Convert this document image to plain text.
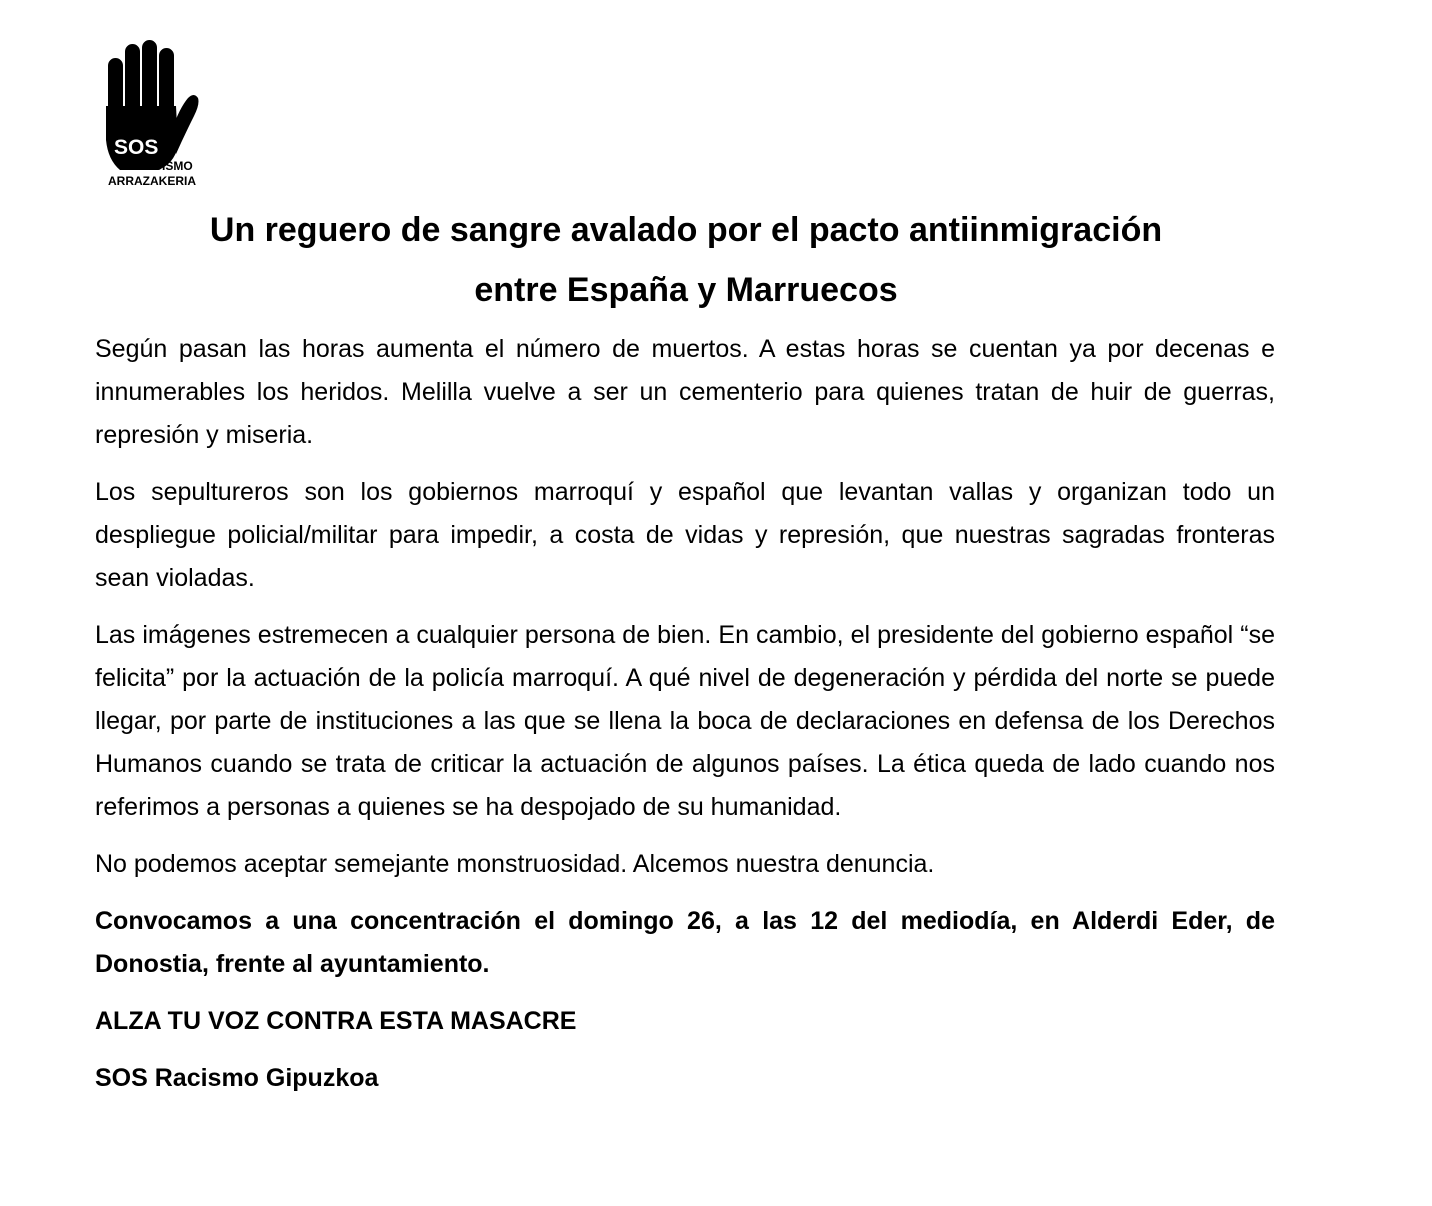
SOS
RACISMO
ARRAZAKERIA
Un reguero de sangre avalado por el pacto antiinmigración
entre España y Marruecos

Según pasan las horas aumenta el número de muertos. A estas horas se cuentan ya por decenas e innumerables los heridos. Melilla vuelve a ser un cementerio para quienes tratan de huir de guerras, represión y miseria.

Los sepultureros son los gobiernos marroquí y español que levantan vallas y organizan todo un despliegue policial/militar para impedir, a costa de vidas y represión, que nuestras sagradas fronteras sean violadas.

Las imágenes estremecen a cualquier persona de bien. En cambio, el presidente del gobierno español “se felicita” por la actuación de la policía marroquí. A qué nivel de degeneración y pérdida del norte se puede llegar, por parte de instituciones a las que se llena la boca de declaraciones en defensa de los Derechos Humanos cuando se trata de criticar la actuación de algunos países. La ética queda de lado cuando nos referimos a personas a quienes se ha despojado de su humanidad.

No podemos aceptar semejante monstruosidad. Alcemos nuestra denuncia.

Convocamos a una concentración el domingo 26, a las 12 del mediodía, en Alderdi Eder, de Donostia, frente al ayuntamiento.

ALZA TU VOZ CONTRA ESTA MASACRE

SOS Racismo Gipuzkoa
